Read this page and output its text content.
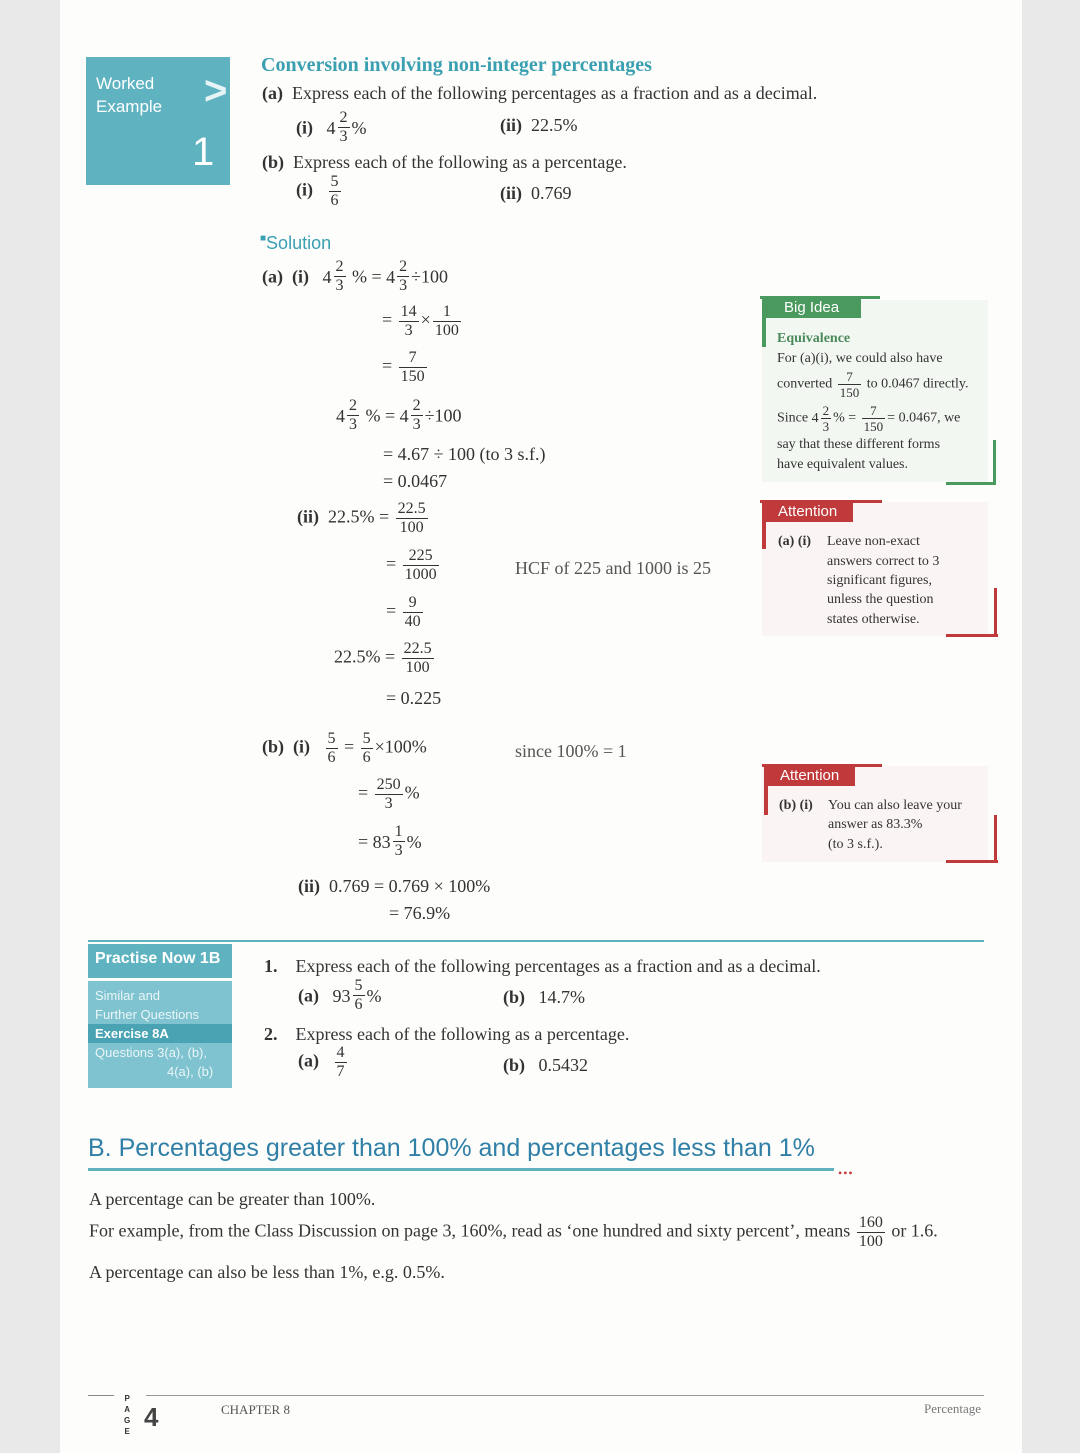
Worked
Example >
1
Conversion involving non-integer percentages
(a) Express each of the following percentages as a fraction and as a decimal.
(i) $4 \frac{2}{3}$ %	(ii) 22.5%
(b) Express each of the following as a percentage.
$(i) \frac{5}{6}$	(ii) 0.769
■Solution
(a) (i) $4 \frac{2}{3}$ % = $4 \frac{2}{3} \div 100$
= $\frac{14}{3} \times \frac{1}{100}$
= $\frac{7}{150}$
$4 \frac{2}{3}$ % = $4 \frac{2}{3} \div 100$
= 4.67 ÷ 100 (to 3 s.f.)
= 0.0467
(ii) $22.5\% = \frac{22.5}{100}$
= $\frac{225}{1000}$	HCF of 225 and 1000 is 25
= $\frac{9}{40}$
$22.5\% = \frac{22.5}{100}$
= 0.225
(b) $(i) \frac{5}{6} = \frac{5}{6} \times 100\%$	since 100% = 1
= $\frac{250}{3}$ %
= $83 \frac{1}{3}$ %
(ii) 0.769 = 0.769 × 100%
= 76.9%
Big Idea
Equivalence
For (a)(i), we could also have
converted $\frac{7}{150}$ to 0.0467 directly.
Since $4 \frac{2}{3}$ % = $\frac{7}{150} = 0.0467$, we
say that these different forms
have equivalent values.
Attention
(a) (i) Leave non-exact
answers correct to 3
significant figures,
unless the question
states otherwise.
Attention
(b) (i) You can also leave your
answer as 83.3%
(to 3 s.f.).
Practise Now 1B
Similar and
Further Questions
Exercise 8A
Questions 3(a), (b),
4(a), (b)
1. Express each of the following percentages as a fraction and as a decimal.
(a) $93 \frac{5}{6}$ %	(b) 14.7%
2. Express each of the following as a percentage.
$(a) \frac{4}{7}$	(b) 0.5432
B. Percentages greater than 100% and percentages less than 1%
•••
A percentage can be greater than 100%.
For example, from the Class Discussion on page 3, 160%, read as ‘one hundred and sixty percent’, means $\frac{160}{100}$ or 1.6.
A percentage can also be less than 1%, e.g. 0.5%.
P
A
G
E 4	CHAPTER 8	Percentage
